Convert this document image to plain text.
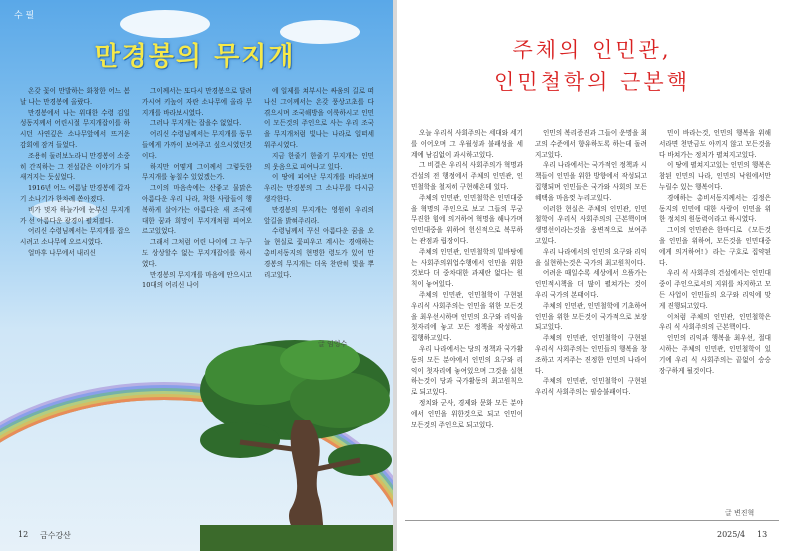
수 필
만경봉의 무지개

온갖 꽃이 만발하는 화창한 어느 봄날 나는 만경봉에 올랐다.

만경봉에서 나는 위대한 수령 김일성동지께서 어린시절 무지개잡이를 하시던 사연깊은 소나무앞에서 뜨거운 감회에 잠겨 들었다.

조용히 둘러보노라니 만경봉이 소중히 간직하는 그 전설같은 이야기가 되새겨지는 듯싶었다.

1916년 어느 여름날 만경봉에 갑자기 소나기가 한차례 쏟아졌다.

비가 멎자 하늘가에 눈부신 무지개가 선 아름다운 광경이 펼쳐졌다.

어리신 수령님께서는 무지개를 잡으시려고 소나무에 오르시였다.

얼마후 나무에서 내리신

그이께서는 또다시 만경봉으로 달려가시여 키높이 자란 소나무에 올라 무지개를 바라보시였다.

그러나 무지개는 잡을수 없었다.

어리신 수령님께서는 무지개를 동무들에게 가까이 보여주고 싶으시였던것이다.

하지만 어떻게 그이께서 그렇듯한 무지개를 놓칠수 있었겠는가.

그이의 마음속에는 산좋고 물맑은 아름다운 우리 나라, 착한 사람들이 행복하게 살아가는 아름다운 새 조국에 대한 꿈과 희망이 무지개처럼 피여오르고있었다.

그래서 그처럼 어린 나이에 그 누구도 상상할수 없는 무지개잡이를 하시였다.

만경봉의 무지개를 마음에 안으시고 10대의 어리신 나이

에 일제를 쳐부시는 싸움의 길로 떠나신 그이께서는 온갖 풍상고초를 다 겪으시며 조국해방을 이룩하시고 인민이 모든것의 주인으로 사는 우리 조국을 무지개처럼 빛나는 나라로 일떠세워주시였다.

지금 한줄기 한줄기 무지개는 인민의 웃음으로 피여나고 있다.

이 땅에 피여난 무지개를 바라보며 우리는 만경봉의 그 소나무를 다시금 생각한다.

만경봉의 무지개는 영원히 우리의 앞길을 밝혀주리라.

수령님께서 꾸신 아름다운 꿈을 오늘 현실로 꽃피우고 계시는 경애하는 총비서동지의 현명한 령도가 있어 만경봉의 무지개는 더욱 찬란히 빛을 뿌리고있다.

글 임영수
12 금수강산
주체의 인민관,
인민철학의 근본핵

오늘 우리식 사회주의는 세대와 세기를 이어오며 그 우월성과 불패성을 세계에 남김없이 과시하고있다.

그 비결은 우리식 사회주의가 혁명과 건설의 전 행정에서 주체의 인민관, 인민철학을 철저히 구현해온데 있다.

주체의 인민관, 인민철학은 인민대중을 혁명의 주인으로 보고 그들의 무궁무진한 힘에 의거하여 혁명을 해나가며 인민대중을 위하여 헌신적으로 복무하는 관점과 립장이다.

주체의 인민관, 인민철학의 밑바탕에는 사회주의위업수행에서 인민을 위한것보다 더 중차대한 과제란 없다는 원칙이 놓여있다.

주체의 인민관, 인민철학이 구현된 우리식 사회주의는 인민을 위한 모든것을 최우선시하며 인민의 요구와 리익을 첫자리에 놓고 모든 정책을 작성하고 집행하고있다.

우리 나라에서는 당의 정책과 국가활동의 모든 분야에서 인민의 요구와 리익이 첫자리에 놓여있으며 그것을 실현하는것이 당과 국가활동의 최고원칙으로 되고있다.

정치와 군사, 경제와 문화 모든 분야에서 인민을 위한것으로 되고 인민이 모든것의 주인으로 되고있다.

인민의 복리증진과 그들이 운명을 최고의 수준에서 향유하도록 하는데 돌려지고있다.

우리 나라에서는 국가적인 정책과 시책들이 인민을 위한 방향에서 작성되고 집행되며 인민들은 국가와 사회의 모든 혜택을 마음껏 누리고있다.

이러한 현실은 주체의 인민관, 인민철학이 우리식 사회주의의 근본핵이며 생명선이라는것을 웅변적으로 보여주고있다.

우리 나라에서의 인민의 요구와 리익을 실현하는것은 국가의 최고원칙이다.

어려운 때일수록 세상에서 으뜸가는 인민적시책을 더 많이 펼쳐가는 것이 우리 국가의 본태이다.

주체의 인민관, 인민철학에 기초하여 인민을 위한 모든것이 국가적으로 보장되고있다.

주체의 인민관, 인민철학이 구현된 우리식 사회주의는 인민들의 행복을 창조하고 지켜주는 진정한 인민의 나라이다.

주체의 인민관, 인민철학이 구현된 우리식 사회주의는 필승불패이다.

민이 바라는것, 인민의 행복을 위해서라면 천만금도 아끼지 않고 모든것을 다 바쳐가는 정치가 펼쳐지고있다.

이 땅에 펼쳐지고있는 인민의 행복은 참된 인민의 나라, 인민의 낙원에서만 누릴수 있는 행복이다.

경애하는 총비서동지께서는 김정은동지의 인민에 대한 사랑이 인민을 위한 정치의 원동력이라고 하시였다.

그이의 인민관은 한마디로 《모든것을 인민을 위하여, 모든것을 인민대중에게 의거하여!》라는 구호로 집약된다.

우리 식 사회주의 건설에서는 인민대중이 주인으로서의 지위를 차지하고 모든 사업이 인민들의 요구와 리익에 맞게 진행되고있다.

이처럼 주체의 인민관, 인민철학은 우리 식 사회주의의 근본핵이다.

인민의 리익과 행복을 최우선, 절대시하는 주체의 인민관, 인민철학이 있기에 우리 식 사회주의는 끝없이 승승장구하게 될것이다.

글 변진혁
2025/4 13
